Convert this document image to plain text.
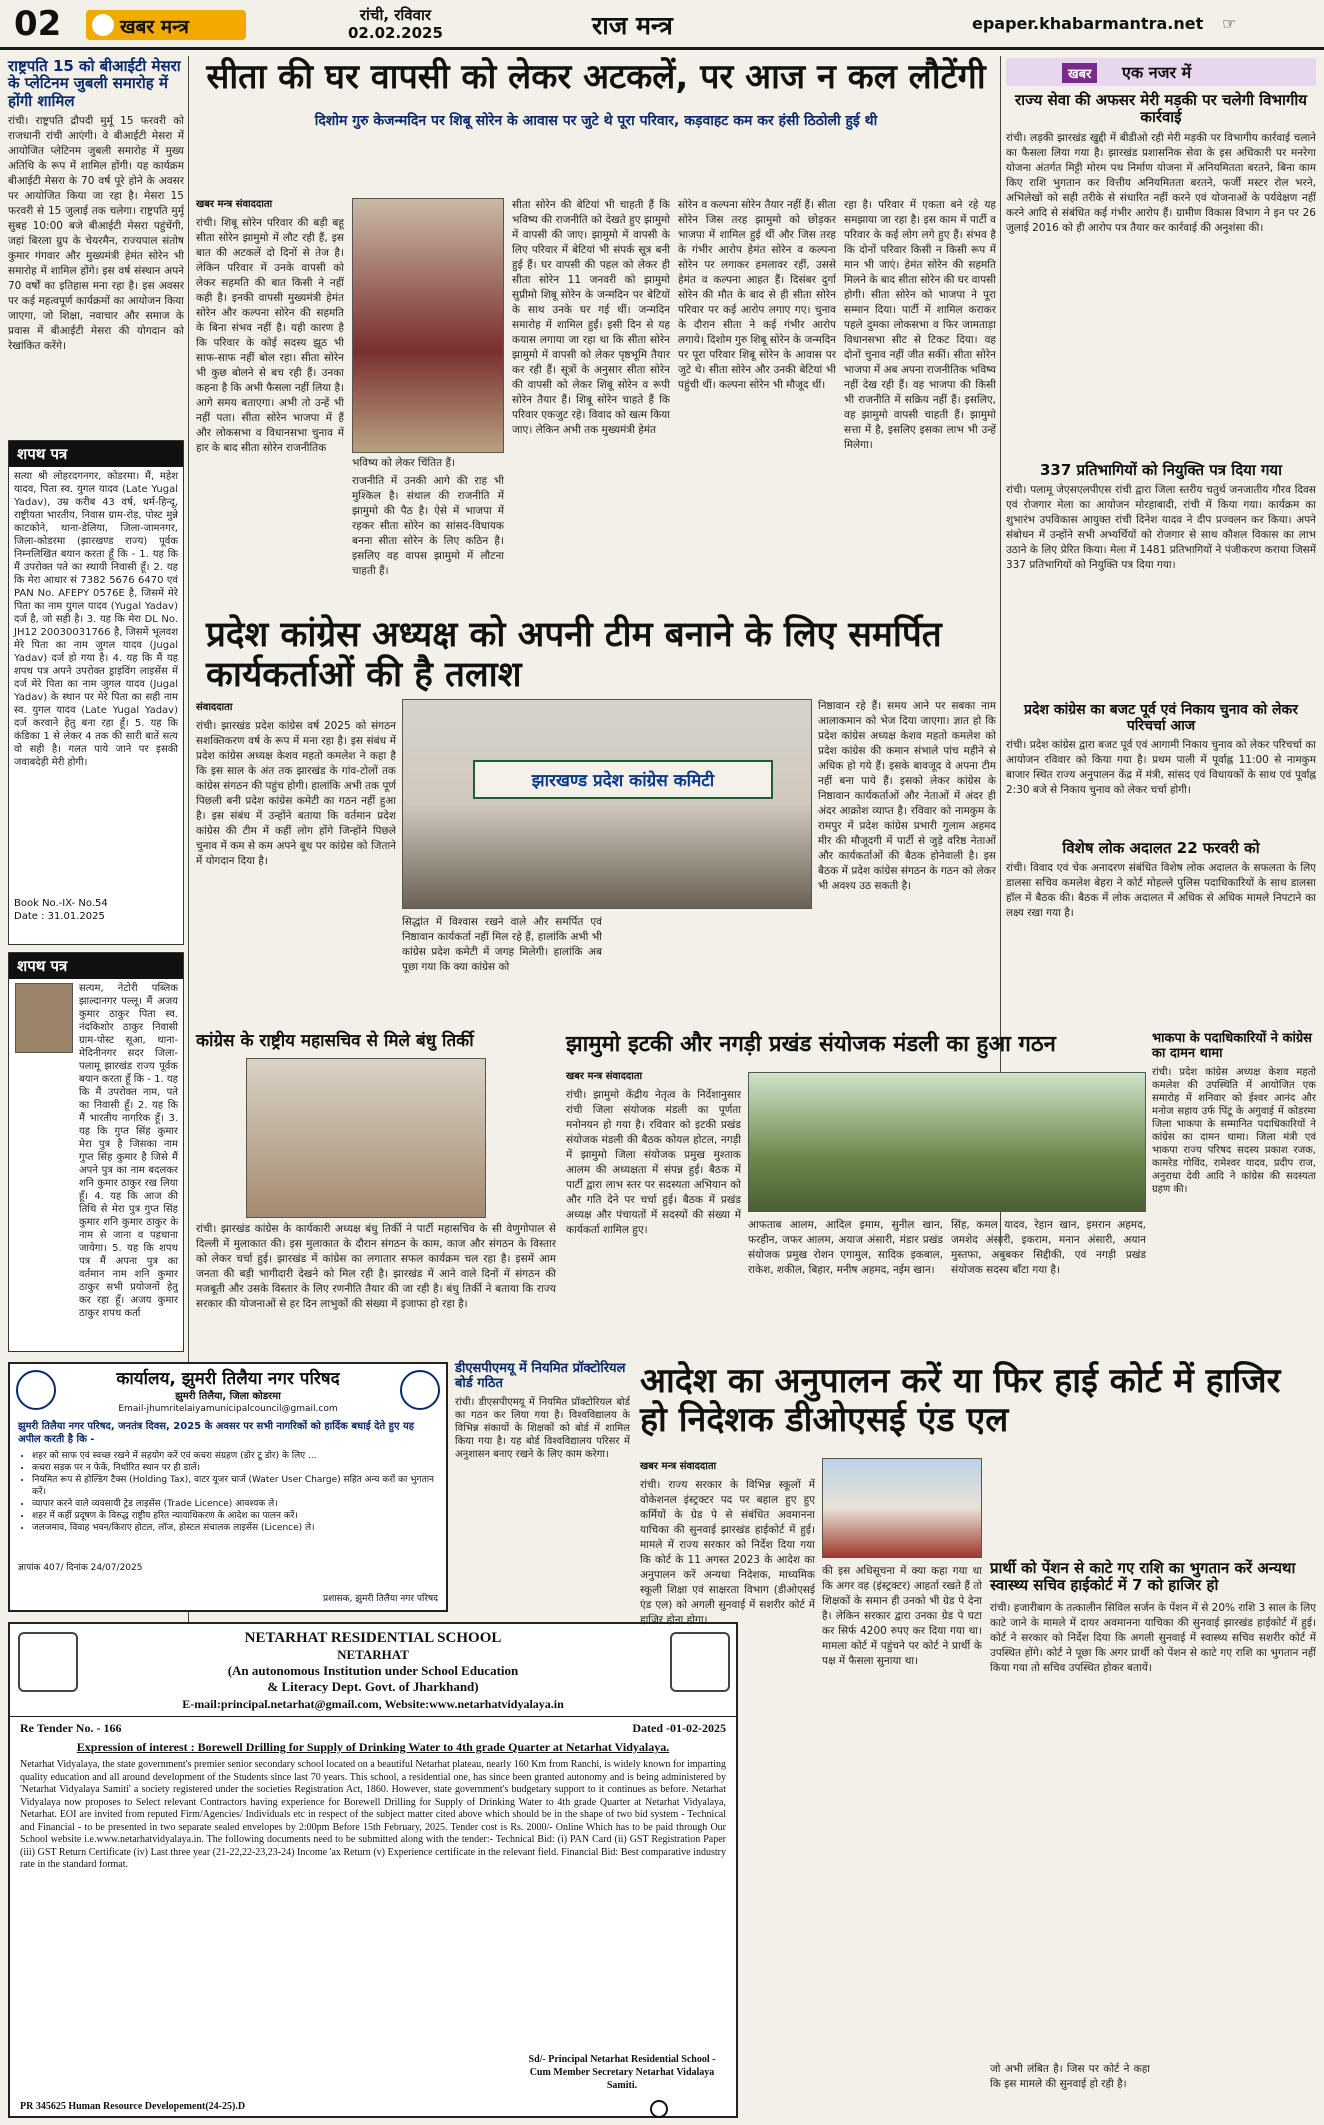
02	खबर मन्त्र
रांची, रविवार
02.02.2025	राज मन्त्र	epaper.khabarmantra.net ☞
राष्ट्रपति 15 को बीआईटी मेसरा के प्लेटिनम जुबली समारोह में होंगी शामिल
रांची। राष्ट्रपति द्रौपदी मुर्मू 15 फरवरी को राजधानी रांची आएंगी। वे बीआईटी मेसरा में आयोजित प्लेटिनम जुबली समारोह में मुख्य अतिथि के रूप में शामिल होंगी। यह कार्यक्रम बीआईटी मेसरा के 70 वर्ष पूरे होने के अवसर पर आयोजित किया जा रहा है। मेसरा 15 फरवरी से 15 जुलाई तक चलेगा। राष्ट्रपति मुर्मू सुबह 10:00 बजे बीआईटी मेसरा पहुंचेंगी, जहां बिरला ग्रुप के चेयरमैन, राज्यपाल संतोष कुमार गंगवार और मुख्यमंत्री हेमंत सोरेन भी समारोह में शामिल होंगे। इस वर्ष संस्थान अपने 70 वर्षों का इतिहास मना रहा है। इस अवसर पर कई महत्वपूर्ण कार्यक्रमों का आयोजन किया जाएगा, जो शिक्षा, नवाचार और समाज के प्रवास में बीआईटी मेसरा की योगदान को रेखांकित करेंगे।
शपथ पत्र
सत्या श्री लोहरदगनगर, कोडरमा। मैं, महेश यादव, पिता स्व. युगल यादव (Late Yugal Yadav), उम्र करीब 43 वर्ष, धर्म-हिन्दू, राष्ट्रीयता भारतीय, निवास ग्राम-रोड़, पोस्ट मुन्ने काटकोने, थाना-डेलिया, जिला-जामनगर, जिला-कोडरमा (झारखण्ड राज्य) पूर्वक निम्नलिखित बयान करता हूँ कि - 1. यह कि मैं उपरोक्त पते का स्थायी निवासी हूँ। 2. यह कि मेरा आधार सं 7382 5676 6470 एवं PAN No. AFEPY 0576E है, जिसमें मेरे पिता का नाम युगल यादव (Yugal Yadav) दर्ज है, जो सही है। 3. यह कि मेरा DL No. JH12 20030031766 है, जिसमें भूलवश मेरे पिता का नाम जुगल यादव (Jugal Yadav) दर्ज हो गया है। 4. यह कि मैं यह शपथ पत्र अपने उपरोक्त ड्राइविंग लाइसेंस में दर्ज मेरे पिता का नाम जुगल यादव (Jugal Yadav) के स्थान पर मेरे पिता का सही नाम स्व. युगल यादव (Late Yugal Yadav) दर्ज करवाने हेतु बना रहा हूँ। 5. यह कि कंडिका 1 से लेकर 4 तक की सारी बातें सत्य वो सही है। गलत पाये जाने पर इसकी जवाबदेही मेरी होगी।
Book No.-IX- No.54
Date : 31.01.2025
शपथ पत्र
सत्यम, नेटोरी पब्लिक झाल्दानगर पल्लू। मैं अजय कुमार ठाकुर पिता स्व. नंदकिशोर ठाकुर निवासी ग्राम-पोस्ट सूआ, थाना-मेदिनीनगर सदर जिला-पलामू झारखंड राज्य पूर्वक बयान करता हूँ कि - 1. यह कि मैं उपरोक्त नाम, पते का निवासी हूँ। 2. यह कि मैं भारतीय नागरिक हूँ। 3. यह कि गुप्त सिंह कुमार मेरा पुत्र है जिसका नाम गुप्त सिंह कुमार है जिसे मैं अपने पुत्र का नाम बदलकर शनि कुमार ठाकुर रख लिया हूँ। 4. यह कि आज की तिथि से मेरा पुत्र गुप्त सिंह कुमार शनि कुमार ठाकुर के नाम से जाना व पहचाना जायेगा। 5. यह कि शपथ पत्र मैं अपना पुत्र का वर्तमान नाम शनि कुमार ठाकुर सभी प्रयोजनों हेतु कर रहा हूँ। अजय कुमार ठाकुर शपथ कर्ता
कार्यालय, झुमरी तिलैया नगर परिषद
झुमरी तिलैया, जिला कोडरमा
Email-jhumritelaiyamunicipalcouncil@gmail.com
झुमरी तिलैया नगर परिषद, जनतंत्र दिवस, 2025 के अवसर पर सभी नागरिकों को हार्दिक बधाई देते हुए यह अपील करती है कि -
• शहर को साफ एवं स्वच्छ रखने में सहयोग करें एवं कचरा संग्रहण (डोर टू डोर) के लिए ...
• कचरा सड़क पर न फेकें, निर्धारित स्थान पर ही डालें।
• नियमित रूप से होल्डिंग टैक्स (Holding Tax), वाटर यूजर चार्ज (Water User Charge) सहित अन्य करों का भुगतान करें।
• व्यापार करने वाले व्यवसायी ट्रेड लाइसेंस (Trade Licence) आवश्यक ले।
• शहर में कहीं प्रदूषण के विरुद्ध राष्ट्रीय हरित न्यायाधिकरण के आदेश का पालन करें।
• जलजमाव, विवाह भवन/किराए होटल, लॉज, होस्टल संचालक लाइसेंस (Licence) ले।
ज्ञापांक 407/ दिनांक 24/07/2025
प्रशासक, झुमरी तिलैया नगर परिषद
NETARHAT RESIDENTIAL SCHOOL
NETARHAT
(An autonomous Institution under School Education
& Literacy Dept. Govt. of Jharkhand)
E-mail:principal.netarhat@gmail.com, Website:www.netarhatvidyalaya.in
Re Tender No. - 166	Dated -01-02-2025
Expression of interest : Borewell Drilling for Supply of Drinking Water to 4th grade Quarter at Netarhat Vidyalaya.
Netarhat Vidyalaya, the state government's premier senior secondary school located on a beautiful Netarhat plateau, nearly 160 Km from Ranchi, is widely known for imparting quality education and all around development of the Students since last 70 years. This school, a residential one, has since been granted autonomy and is being administered by 'Netarhat Vidyalaya Samiti' a society registered under the societies Registration Act, 1860. However, state government's budgetary support to it continues as before. Netarhat Vidyalaya now proposes to Select relevant Contractors having experience for Borewell Drilling for Supply of Drinking Water to 4th grade Quarter at Netarhat Vidyalaya, Netarhat. EOI are invited from reputed Firm/Agencies/ Individuals etc in respect of the subject matter cited above which should be in the shape of two bid system - Technical and Financial - to be presented in two separate sealed envelopes by 2:00pm Before 15th February, 2025. Tender cost is Rs. 2000/- Online Which has to be paid through Our School website i.e.www.netarhatvidyalaya.in. The following documents need to be submitted along with the tender:- Technical Bid: (i) PAN Card (ii) GST Registration Paper (iii) GST Return Certificate (iv) Last three year (21-22,22-23,23-24) Income 'ax Return (v) Experience certificate in the relevant field. Financial Bid: Best comparative industry rate in the standard format.
Sd/- Principal Netarhat Residential School - Cum Member Secretary Netarhat Vidalaya Samiti.
PR 345625 Human Resource Developement(24-25).D
सीता की घर वापसी को लेकर अटकलें, पर आज न कल लौटेंगी
दिशोम गुरु केजन्मदिन पर शिबू सोरेन के आवास पर जुटे थे पूरा परिवार, कड़वाहट कम कर हंसी ठिठोली हुई थी
खबर मन्त्र संवाददाता
रांची। शिबू सोरेन परिवार की बड़ी बहू सीता सोरेन झामुमो में लौट रही हैं, इस बात की अटकलें दो दिनों से तेज है। लेकिन परिवार में उनके वापसी को लेकर सहमति की बात किसी ने नहीं कही है। इनकी वापसी मुख्यमंत्री हेमंत सोरेन और कल्पना सोरेन की सहमति के बिना संभव नहीं है। यही कारण है कि परिवार के कोई सदस्य झूठ भी साफ-साफ नहीं बोल रहा। सीता सोरेन भी कुछ बोलने से बच रही हैं। उनका कहना है कि अभी फैसला नहीं लिया है। आगे समय बताएगा। अभी तो उन्हें भी नहीं पता। सीता सोरेन भाजपा में हैं और लोकसभा व विधानसभा चुनाव में हार के बाद सीता सोरेन राजनीतिक
भविष्य को लेकर चिंतित हैं।
राजनीति में उनकी आगे की राह भी मुश्किल है। संथाल की राजनीति में झामुमो की पैठ है। ऐसे में भाजपा में रहकर सीता सोरेन का सांसद-विधायक बनना सीता सोरेन के लिए कठिन है। इसलिए वह वापस झामुमो में लौटना चाहती हैं।
सीता सोरेन की बेटियां भी चाहती हैं कि भविष्य की राजनीति को देखते हुए झामुमो में वापसी की जाए। झामुमो में वापसी के लिए परिवार में बेटियां भी संपर्क सूत्र बनी हुई हैं। घर वापसी की पहल को लेकर ही सीता सोरेन 11 जनवरी को झामुमो सुप्रीमो शिबू सोरेन के जन्मदिन पर बेटियों के साथ उनके घर गई थीं। जन्मदिन समारोह में शामिल हुईं। इसी दिन से यह कयास लगाया जा रहा था कि सीता सोरेन झामुमो में वापसी को लेकर पृष्ठभूमि तैयार कर रही हैं। सूत्रों के अनुसार सीता सोरेन की वापसी को लेकर शिबू सोरेन व रूपी सोरेन तैयार हैं। शिबू सोरेन चाहते हैं कि परिवार एकजुट रहे। विवाद को खत्म किया जाए। लेकिन अभी तक मुख्यमंत्री हेमंत
सोरेन व कल्पना सोरेन तैयार नहीं हैं। सीता सोरेन जिस तरह झामुमो को छोड़कर भाजपा में शामिल हुई थीं और जिस तरह के गंभीर आरोप हेमंत सोरेन व कल्पना सोरेन पर लगाकर हमलावर रहीं, उससे हेमंत व कल्पना आहत हैं। दिसंबर दुर्गा सोरेन की मौत के बाद से ही सीता सोरेन परिवार पर कई आरोप लगाए गए। चुनाव के दौरान सीता ने कई गंभीर आरोप लगाये। दिशोम गुरु शिबू सोरेन के जन्मदिन पर पूरा परिवार शिबू सोरेन के आवास पर जुटे थे। सीता सोरेन और उनकी बेटियां भी पहुंची थीं। कल्पना सोरेन भी मौजूद थीं।
रहा है। परिवार में एकता बने रहे यह समझाया जा रहा है। इस काम में पार्टी व परिवार के कई लोग लगे हुए हैं। संभव है कि दोनों परिवार किसी न किसी रूप में मान भी जाएं। हेमंत सोरेन की सहमति मिलने के बाद सीता सोरेन की घर वापसी होगी। सीता सोरेन को भाजपा ने पूरा सम्मान दिया। पार्टी में शामिल कराकर पहले दुमका लोकसभा व फिर जामताड़ा विधानसभा सीट से टिकट दिया। वह दोनों चुनाव नहीं जीत सकीं। सीता सोरेन भाजपा में अब अपना राजनीतिक भविष्य नहीं देख रही हैं। वह भाजपा की किसी भी राजनीति में सक्रिय नहीं हैं। इसलिए, वह झामुमो वापसी चाहती हैं। झामुमो सत्ता में है, इसलिए इसका लाभ भी उन्हें मिलेगा।
प्रदेश कांग्रेस अध्यक्ष को अपनी टीम बनाने के लिए समर्पित कार्यकर्ताओं की है तलाश
संवाददाता
रांची। झारखंड प्रदेश कांग्रेस वर्ष 2025 को संगठन सशक्तिकरण वर्ष के रूप में मना रहा है। इस संबंध में प्रदेश कांग्रेस अध्यक्ष केशव महतो कमलेश ने कहा है कि इस साल के अंत तक झारखंड के गांव-टोलों तक कांग्रेस संगठन की पहुंच होगी। हालांकि अभी तक पूर्ण पिछली बनी प्रदेश कांग्रेस कमेटी का गठन नहीं हुआ है। इस संबंध में उन्होंने बताया कि वर्तमान प्रदेश कांग्रेस की टीम में कहीं लोग होंगे जिन्होंने पिछले चुनाव में कम से कम अपने बूथ पर कांग्रेस को जिताने में योगदान दिया है।
झारखण्ड प्रदेश कांग्रेस कमिटी
सिद्धांत में विश्वास रखने वाले और समर्पित एवं निष्ठावान कार्यकर्ता नहीं मिल रहे हैं, हालांकि अभी भी कांग्रेस प्रदेश कमेटी में जगह मिलेगी। हालांकि अब पूछा गया कि क्या कांग्रेस को
निष्ठावान रहे हैं। समय आने पर सबका नाम आलाकमान को भेज दिया जाएगा। ज्ञात हो कि प्रदेश कांग्रेस अध्यक्ष केशव महतो कमलेश को प्रदेश कांग्रेस की कमान संभाले पांच महीने से अधिक हो गये हैं। इसके बावजूद वे अपना टीम नहीं बना पाये हैं। इसको लेकर कांग्रेस के निष्ठावान कार्यकर्ताओं और नेताओं में अंदर ही अंदर आक्रोश व्याप्त है। रविवार को नामकुम के रामपुर में प्रदेश कांग्रेस प्रभारी गुलाम अहमद मीर की मौजूदगी में पार्टी से जुड़े वरिष्ठ नेताओं और कार्यकर्ताओं की बैठक होनेवाली है। इस बैठक में प्रदेश कांग्रेस संगठन के गठन को लेकर भी अवश्य उठ सकती है।
कांग्रेस के राष्ट्रीय महासचिव से मिले बंधु तिर्की
रांची। झारखंड कांग्रेस के कार्यकारी अध्यक्ष बंधु तिर्की ने पार्टी महासचिव के सी वेणुगोपाल से दिल्ली में मुलाकात की। इस मुलाकात के दौरान संगठन के काम, काज और संगठन के विस्तार को लेकर चर्चा हुई। झारखंड में कांग्रेस का लगातार सफल कार्यक्रम चल रहा है। इसमें आम जनता की बड़ी भागीदारी देखने को मिल रही है। झारखंड में आने वाले दिनों में संगठन की मजबूती और उसके विस्तार के लिए रणनीति तैयार की जा रही है। बंधु तिर्की ने बताया कि राज्य सरकार की योजनाओं से हर दिन लाभुकों की संख्या में इजाफा हो रहा है।
डीएसपीएमयू में नियमित प्रॉक्टोरियल बोर्ड गठित
रांची। डीएसपीएमयू में नियमित प्रॉक्टोरियल बोर्ड का गठन कर लिया गया है। विश्वविद्यालय के विभिन्न संकायों के शिक्षकों को बोर्ड में शामिल किया गया है। यह बोर्ड विश्वविद्यालय परिसर में अनुशासन बनाए रखने के लिए काम करेगा।
झामुमो इटकी और नगड़ी प्रखंड संयोजक मंडली का हुआ गठन
खबर मन्त्र संवाददाता
रांची। झामुमो केंद्रीय नेतृत्व के निर्देशानुसार रांची जिला संयोजक मंडली का पूर्णता मनोनयन हो गया है। रविवार को इटकी प्रखंड संयोजक मंडली की बैठक कोयल होटल, नगड़ी में झामुमो जिला संयोजक प्रमुख मुश्ताक आलम की अध्यक्षता में संपन्न हुई। बैठक में पार्टी द्वारा लाभ स्तर पर सदस्यता अभियान को और गति देने पर चर्चा हुई। बैठक में प्रखंड अध्यक्ष और पंचायतों में सदस्यों की संख्या में कार्यकर्ता शामिल हुए।	आफताब आलम, आदिल इमाम, सुनील खान, फरहीन, जफर आलम, अयाज अंसारी, मंडार प्रखंड संयोजक प्रमुख रोशन एगामुल, सादिक इकबाल, राकेश, शकील, बिहार, मनीष अहमद, नईम खान।
सिंह, कमल यादव, रेहान खान, इमरान अहमद, जमशेद अंसारी, इकराम, मनान अंसारी, अयान मुस्तफा, अबुबकर सिद्दीकी, एवं नगड़ी प्रखंड संयोजक सदस्य बाँटा गया है।
भाकपा के पदाधिकारियों ने कांग्रेस का दामन थामा
रांची। प्रदेश कांग्रेस अध्यक्ष केशव महतो कमलेश की उपस्थिति में आयोजित एक समारोह में शनिवार को ईश्वर आनंद और मनोज सहाय उर्फ पिंटू के अगुवाई में कोडरमा जिला भाकपा के सम्मानित पदाधिकारियों ने कांग्रेस का दामन थामा। जिला मंत्री एवं भाकपा राज्य परिषद सदस्य प्रकाश रजक, कामरेड गोविंद, रामेश्वर यादव, प्रदीप राज, अनुराधा देवी आदि ने कांग्रेस की सदस्यता ग्रहण की।
आदेश का अनुपालन करें या फिर हाई कोर्ट में हाजिर हो निदेशक डीओएसई एंड एल
खबर मन्त्र संवाददाता
रांची। राज्य सरकार के विभिन्न स्कूलों में वोकेशनल इंस्ट्रक्टर पद पर बहाल हुए हुए कर्मियों के ग्रेड पे से संबंधित अवमानना याचिका की सुनवाई झारखंड हाईकोर्ट में हुई। मामले में राज्य सरकार को निर्देश दिया गया कि कोर्ट के 11 अगस्त 2023 के आदेश का अनुपालन करें अन्यथा निदेशक, माध्यमिक स्कूली शिक्षा एवं साक्षरता विभाग (डीओएसई एंड एल) को अगली सुनवाई में सशरीर कोर्ट में हाजिर होना होगा।
की इस अधिसूचना में क्या कहा गया था कि अगर वह (इंस्ट्रक्टर) आहर्ता रखते हैं तो शिक्षकों के समान ही उनको भी ग्रेड पे देना है। लेकिन सरकार द्वारा उनका ग्रेड पे घटा कर सिर्फ 4200 रुपए कर दिया गया था। मामला कोर्ट में पहुंचने पर कोर्ट ने प्रार्थी के पक्ष में फैसला सुनाया था।
जो अभी लंबित है। जिस पर कोर्ट ने कहा कि इस मामले की सुनवाई हो रही है।
खबर	एक नजर में
राज्य सेवा की अफसर मेरी मड़की पर चलेगी विभागीय कार्रवाई
रांची। लड़की झारखंड खुद्दी में बीडीओ रही मेरी मड़की पर विभागीय कार्रवाई चलाने का फैसला लिया गया है। झारखंड प्रशासनिक सेवा के इस अधिकारी पर मनरेगा योजना अंतर्गत मिट्टी मोरम पथ निर्माण योजना में अनियमितता बरतने, बिना काम किए राशि भुगतान कर वित्तीय अनियमितता बरतने, फर्जी मस्टर रोल भरने, अभिलेखों को सही तरीके से संधारित नहीं करने एवं योजनाओं के पर्यवेक्षण नहीं करने आदि से संबंधित कई गंभीर आरोप हैं। ग्रामीण विकास विभाग ने इन पर 26 जुलाई 2016 को ही आरोप पत्र तैयार कर कार्रवाई की अनुशंसा की।
337 प्रतिभागियों को नियुक्ति पत्र दिया गया
रांची। पलामू जेएसएलपीएस रांची द्वारा जिला स्तरीय चतुर्थ जनजातीय गौरव दिवस एवं रोजगार मेला का आयोजन मोरहाबादी, रांची में किया गया। कार्यक्रम का शुभारंभ उपविकास आयुक्त रांची दिनेश यादव ने दीप प्रज्वलन कर किया। अपने संबोधन में उन्होंने सभी अभ्यर्थियों को रोजगार से साथ कौशल विकास का लाभ उठाने के लिए प्रेरित किया। मेला में 1481 प्रतिभागियों ने पंजीकरण कराया जिसमें 337 प्रतिभागियों को नियुक्ति पत्र दिया गया।
प्रदेश कांग्रेस का बजट पूर्व एवं निकाय चुनाव को लेकर परिचर्चा आज
रांची। प्रदेश कांग्रेस द्वारा बजट पूर्व एवं आगामी निकाय चुनाव को लेकर परिचर्चा का आयोजन रविवार को किया गया है। प्रथम पाली में पूर्वाह्न 11:00 से नामकुम बाजार स्थित राज्य अनुपालन केंद्र में मंत्री, सांसद एवं विधायकों के साथ एवं पूर्वाह्न 2:30 बजे से निकाय चुनाव को लेकर चर्चा होगी।
विशेष लोक अदालत 22 फरवरी को
रांची। विवाद एवं चेक अनादरण संबंधित विशेष लोक अदालत के सफलता के लिए डालसा सचिव कमलेश बेहरा ने कोर्ट मोहल्ले पुलिस पदाधिकारियों के साथ डालसा हॉल में बैठक की। बैठक में लोक अदालत में अधिक से अधिक मामले निपटाने का लक्ष्य रखा गया है।
प्रार्थी को पेंशन से काटे गए राशि का भुगतान करें अन्यथा स्वास्थ्य सचिव हाईकोर्ट में 7 को हाजिर हो
रांची। हजारीबाग के तत्कालीन सिविल सर्जन के पेंशन में से 20% राशि 3 साल के लिए काटे जाने के मामले में दायर अवमानना याचिका की सुनवाई झारखंड हाईकोर्ट में हुई। कोर्ट ने सरकार को निर्देश दिया कि अगली सुनवाई में स्वास्थ्य सचिव सशरीर कोर्ट में उपस्थित होंगे। कोर्ट ने पूछा कि अगर प्रार्थी को पेंशन से काटे गए राशि का भुगतान नहीं किया गया तो सचिव उपस्थित होकर बतायें।
